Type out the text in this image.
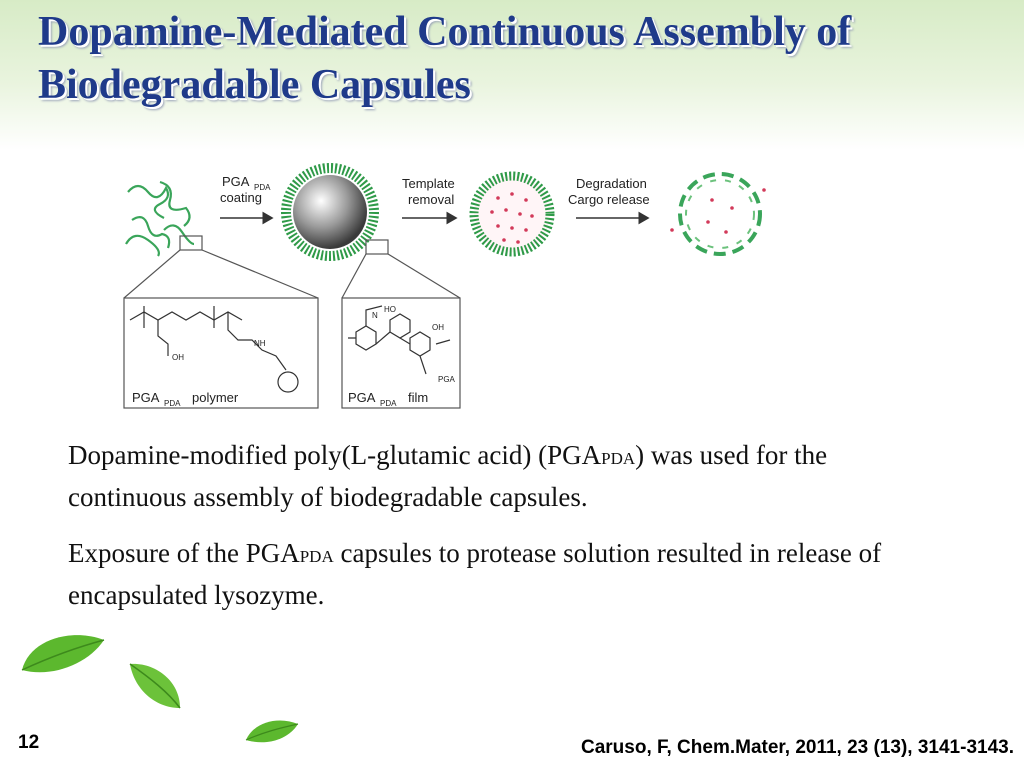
Dopamine-Mediated Continuous Assembly of Biodegradable Capsules
PGA PDA
coating
Template
removal
Degradation
Cargo release
OH
NH
PGA PDA polymer
HO
N
OH
PGA
PGA PDA film

Dopamine-modified poly(L-glutamic acid) (PGAPDA) was used for the continuous assembly of biodegradable capsules.

Exposure of the PGAPDA capsules to protease solution resulted in release of encapsulated lysozyme.

12	Caruso, F, Chem.Mater, 2011, 23 (13), 3141-3143.
